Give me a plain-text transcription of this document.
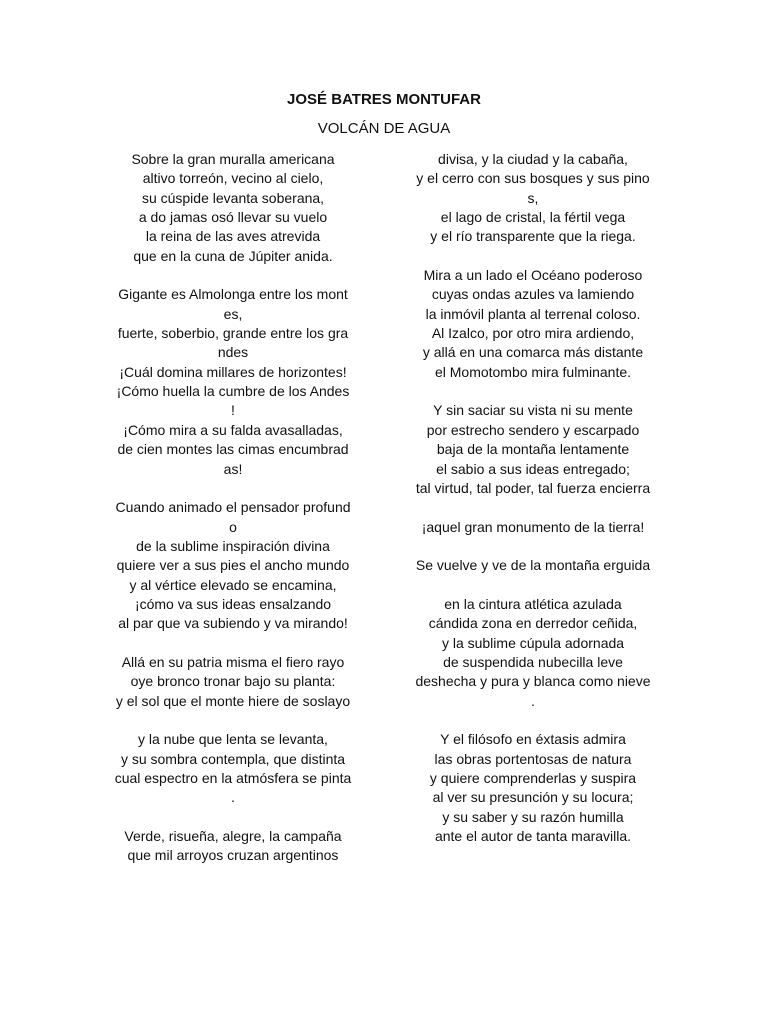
JOSÉ BATRES MONTUFAR
VOLCÁN DE AGUA
Sobre la gran muralla americana
altivo torreón, vecino al cielo,
su cúspide levanta soberana,
a do jamas osó llevar su vuelo
la reina de las aves atrevida
que en la cuna de Júpiter anida.
Gigante es Almolonga entre los mont
es,
fuerte, soberbio, grande entre los gra
ndes
¡Cuál domina millares de horizontes!
¡Cómo huella la cumbre de los Andes
!
¡Cómo mira a su falda avasalladas,
de cien montes las cimas encumbrad
as!
Cuando animado el pensador profund
o
de la sublime inspiración divina
quiere ver a sus pies el ancho mundo
y al vértice elevado se encamina,
¡cómo va sus ideas ensalzando
al par que va subiendo y va mirando!
Allá en su patria misma el fiero rayo
oye bronco tronar bajo su planta:
y el sol que el monte hiere de soslayo
y la nube que lenta se levanta,
y su sombra contempla, que distinta
cual espectro en la atmósfera se pinta
.
Verde, risueña, alegre, la campaña
que mil arroyos cruzan argentinos
divisa, y la ciudad y la cabaña,
y el cerro con sus bosques y sus pino
s,
el lago de cristal, la fértil vega
y el río transparente que la riega.
Mira a un lado el Océano poderoso
cuyas ondas azules va lamiendo
la inmóvil planta al terrenal coloso.
Al Izalco, por otro mira ardiendo,
y allá en una comarca más distante
el Momotombo mira fulminante.
Y sin saciar su vista ni su mente
por estrecho sendero y escarpado
baja de la montaña lentamente
el sabio a sus ideas entregado;
tal virtud, tal poder, tal fuerza encierra
¡aquel gran monumento de la tierra!
Se vuelve y ve de la montaña erguida
en la cintura atlética azulada
cándida zona en derredor ceñida,
y la sublime cúpula adornada
de suspendida nubecilla leve
deshecha y pura y blanca como nieve
.
Y el filósofo en éxtasis admira
las obras portentosas de natura
y quiere comprenderlas y suspira
al ver su presunción y su locura;
y su saber y su razón humilla
ante el autor de tanta maravilla.
